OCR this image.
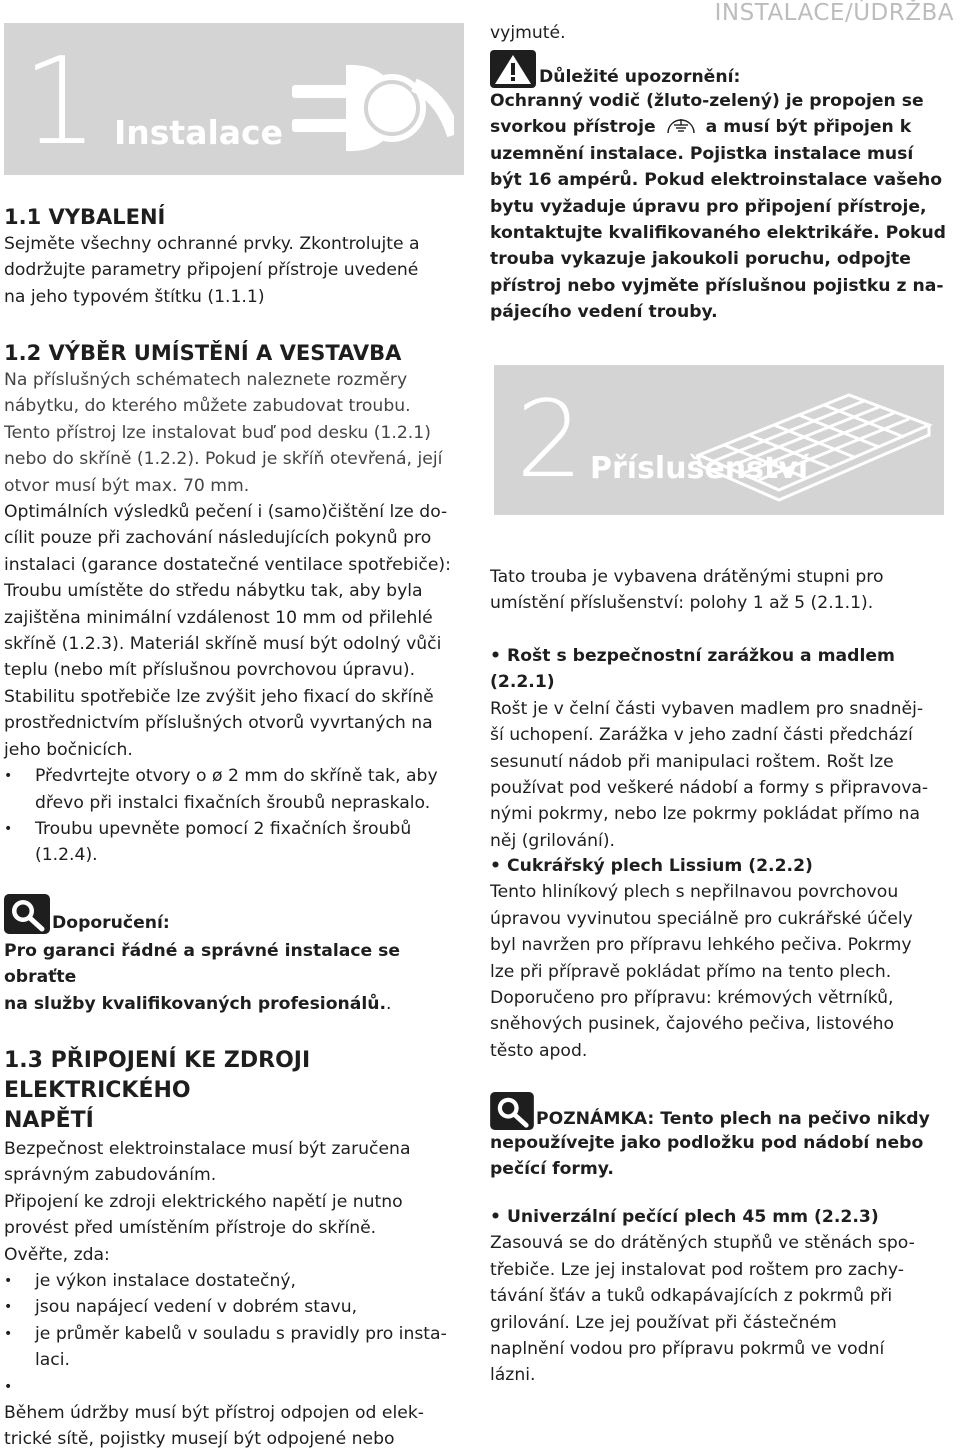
INSTALACE/ÚDRŽBA
1 Instalace

1.1 VYBALENÍ

Sejměte všechny ochranné prvky. Zkontrolujte a

dodržujte parametry připojení přístroje uvedené

na jeho typovém štítku (1.1.1)

1.2 VÝBĚR UMÍSTĚNÍ A VESTAVBA

Na příslušných schématech naleznete rozměry

nábytku, do kterého můžete zabudovat troubu.

Tento přístroj lze instalovat buď pod desku (1.2.1)

nebo do skříně (1.2.2). Pokud je skříň otevřená, její

otvor musí být max. 70 mm.

Optimálních výsledků pečení i (samo)čištění lze do-

cílit pouze při zachování následujících pokynů pro

instalaci (garance dostatečné ventilace spotřebiče):

Troubu umístěte do středu nábytku tak, aby byla

zajištěna minimální vzdálenost 10 mm od přilehlé

skříně (1.2.3). Materiál skříně musí být odolný vůči

teplu (nebo mít příslušnou povrchovou úpravu).

Stabilitu spotřebiče lze zvýšit jeho fixací do skříně

prostřednictvím příslušných otvorů vyvrtaných na

jeho bočnicích.

• Předvrtejte otvory o ø 2 mm do skříně tak, aby
dřevo při instalci fixačních šroubů nepraskalo.
• Troubu upevněte pomocí 2 fixačních šroubů
(1.2.4).
Doporučení:

Pro garanci řádné a správné instalace se obraťte

na služby kvalifikovaných profesionálů..

1.3 PŘIPOJENÍ KE ZDROJI ELEKTRICKÉHO

NAPĚTÍ

Bezpečnost elektroinstalace musí být zaručena

správným zabudováním.

Připojení ke zdroji elektrického napětí je nutno

provést před umístěním přístroje do skříně.

Ověřte, zda:

• je výkon instalace dostatečný,
• jsou napájecí vedení v dobrém stavu,
• je průměr kabelů v souladu s pravidly pro insta-
laci.
•

Během údržby musí být přístroj odpojen od elek-

trické sítě, pojistky musejí být odpojené nebo

vyjmuté.

Důležité upozornění:

Ochranný vodič (žluto-zelený) je propojen se

svorkou přístroje	a musí být připojen k

uzemnění instalace. Pojistka instalace musí

být 16 ampérů. Pokud elektroinstalace vašeho

bytu vyžaduje úpravu pro připojení přístroje,

kontaktujte kvalifikovaného elektrikáře. Pokud

trouba vykazuje jakoukoli poruchu, odpojte

přístroj nebo vyjměte příslušnou pojistku z na-

pájecího vedení trouby.

2 Příslušenství

Tato trouba je vybavena drátěnými stupni pro

umístění příslušenství: polohy 1 až 5 (2.1.1).

• Rošt s bezpečnostní zarážkou a madlem (2.2.1)

Rošt je v čelní části vybaven madlem pro snadněj-

ší uchopení. Zarážka v jeho zadní části předchází

sesunutí nádob při manipulaci roštem. Rošt lze

používat pod veškeré nádobí a formy s připravova-

nými pokrmy, nebo lze pokrmy pokládat přímo na

něj (grilování).

• Cukrářský plech Lissium (2.2.2)

Tento hliníkový plech s nepřilnavou povrchovou

úpravou vyvinutou speciálně pro cukrářské účely

byl navržen pro přípravu lehkého pečiva. Pokrmy

lze při přípravě pokládat přímo na tento plech.

Doporučeno pro přípravu: krémových větrníků,

sněhových pusinek, čajového pečiva, listového

těsto apod.

POZNÁMKA: Tento plech na pečivo nikdy

nepoužívejte jako podložku pod nádobí nebo

pečící formy.

• Univerzální pečící plech 45 mm (2.2.3)

Zasouvá se do drátěných stupňů ve stěnách spo-

třebiče. Lze jej instalovat pod roštem pro zachy-

távání šťáv a tuků odkapávajících z pokrmů při

grilování. Lze jej používat při částečném

naplnění vodou pro přípravu pokrmů ve vodní

lázni.
